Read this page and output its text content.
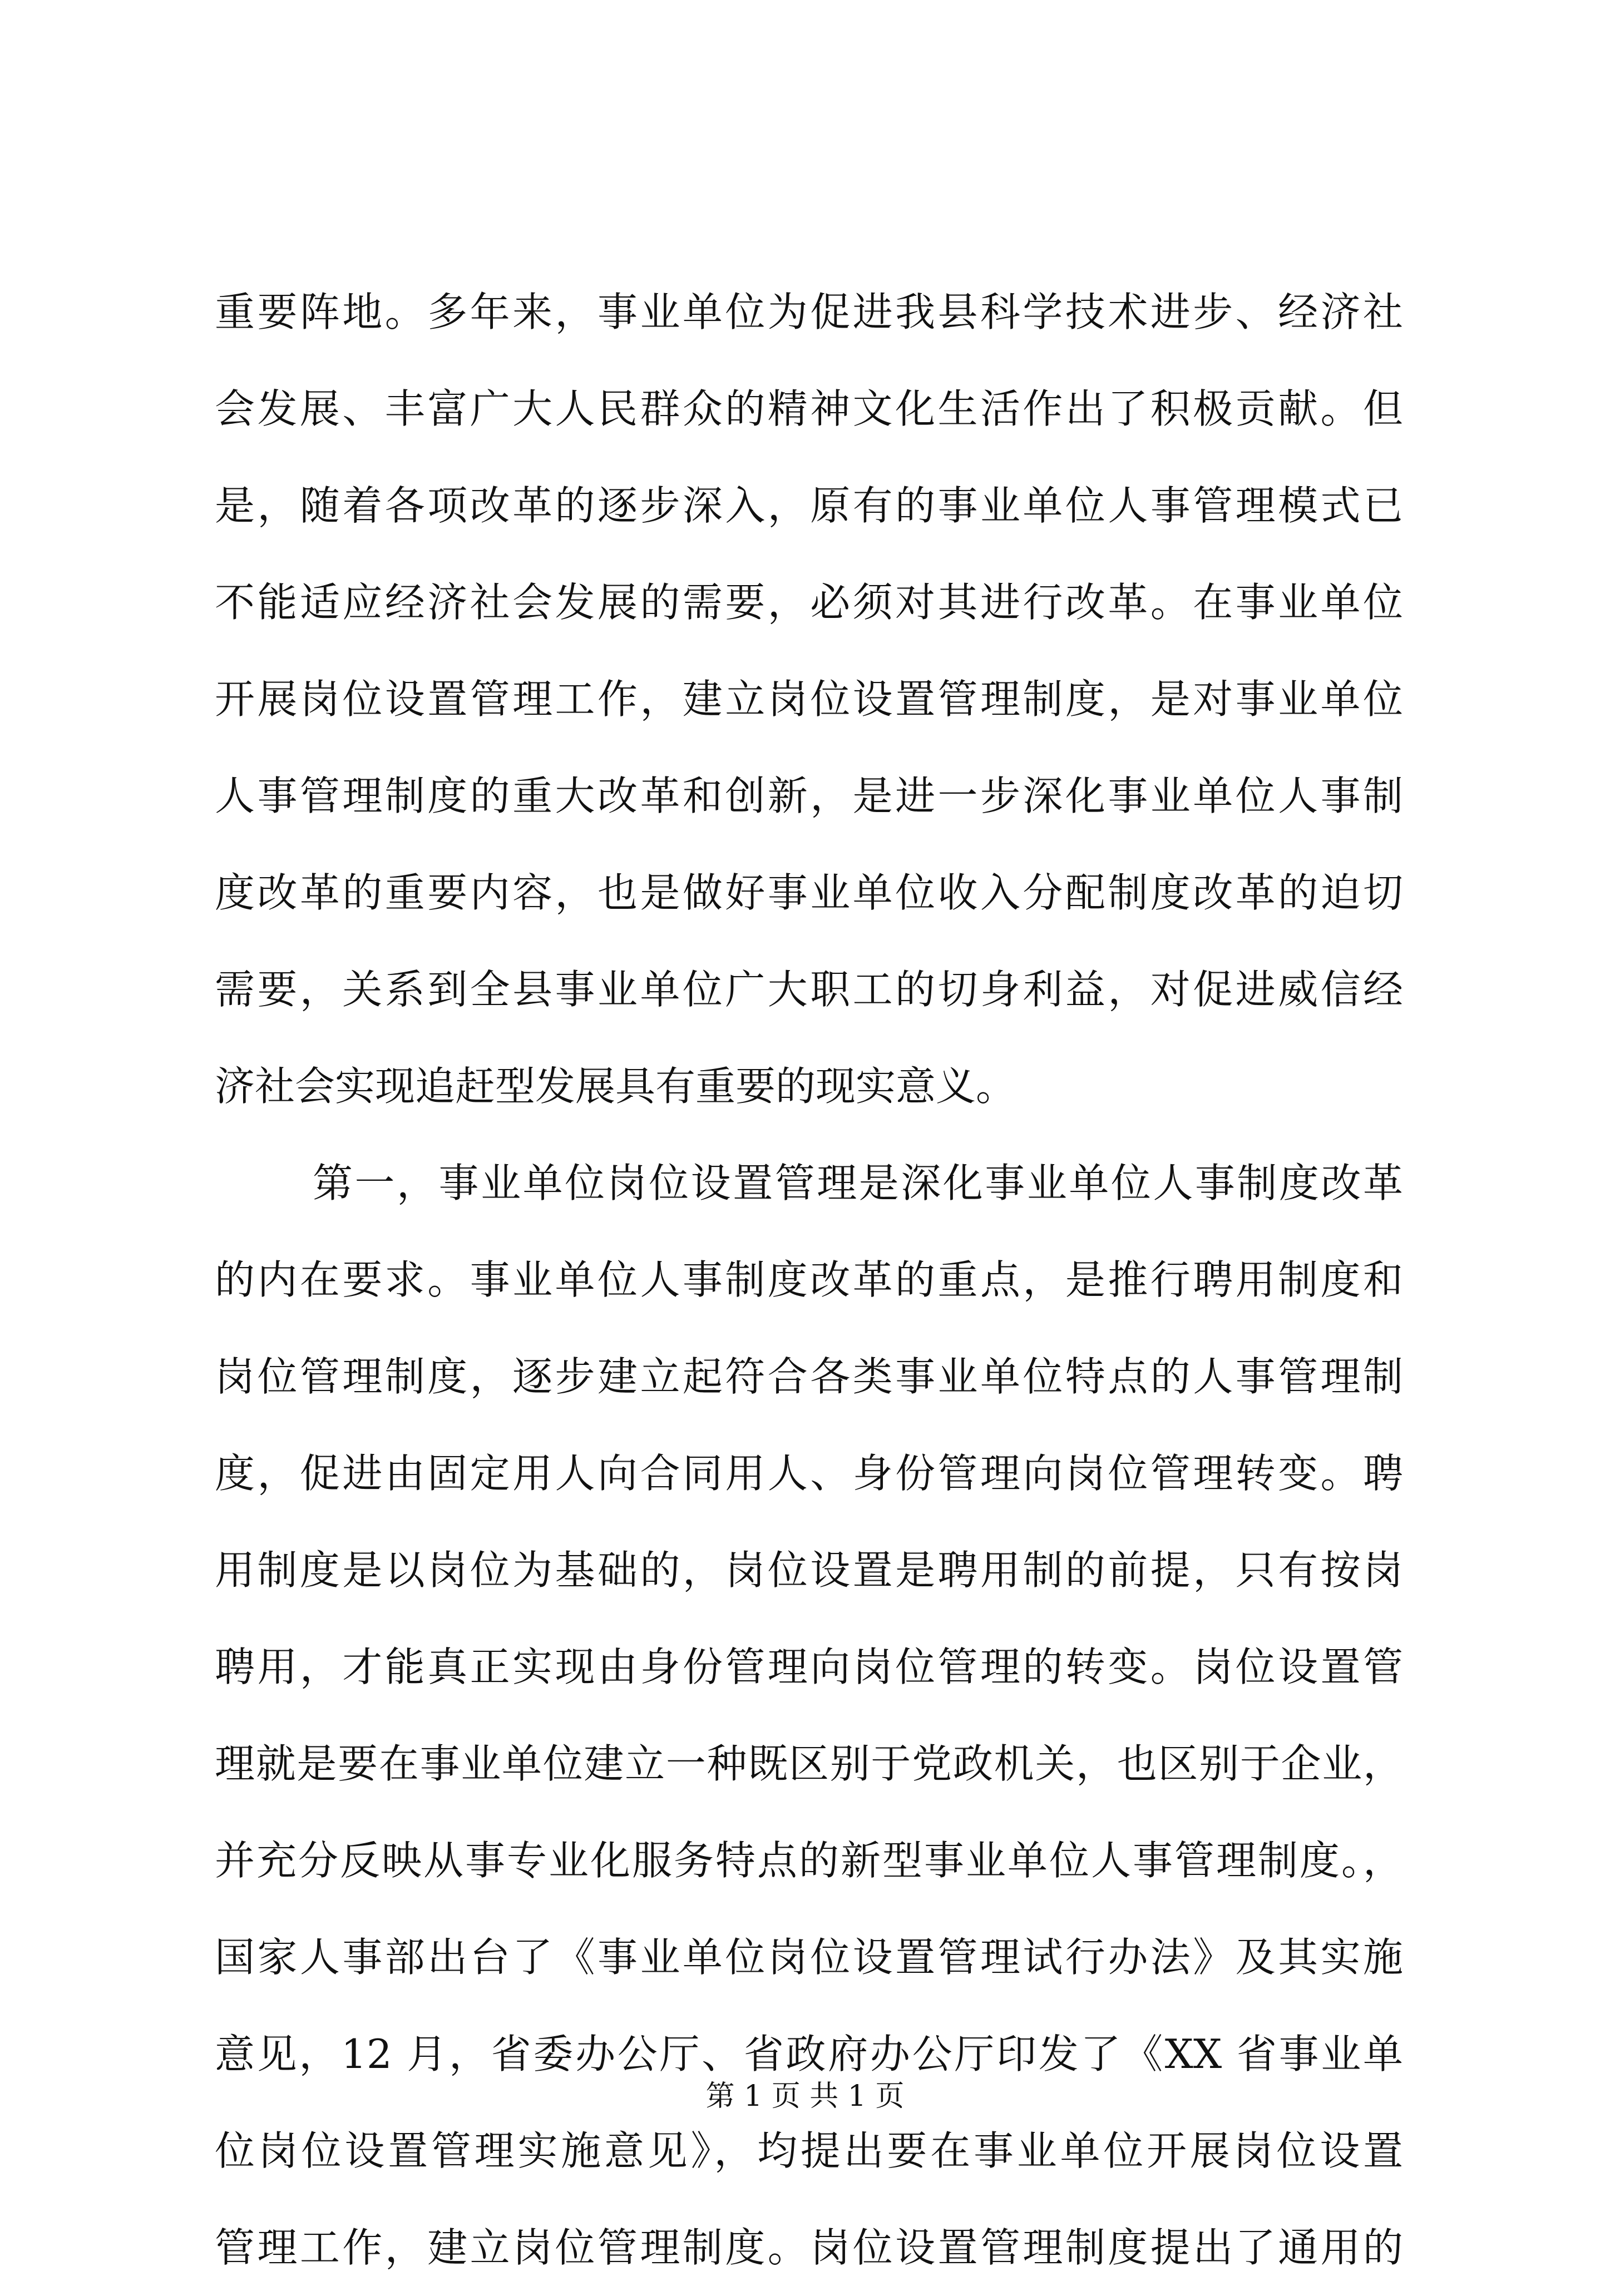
重要阵地。多年来，事业单位为促进我县科学技术进步、经济社
会发展、丰富广大人民群众的精神文化生活作出了积极贡献。但
是，随着各项改革的逐步深入，原有的事业单位人事管理模式已
不能适应经济社会发展的需要，必须对其进行改革。在事业单位
开展岗位设置管理工作，建立岗位设置管理制度，是对事业单位
人事管理制度的重大改革和创新，是进一步深化事业单位人事制
度改革的重要内容，也是做好事业单位收入分配制度改革的迫切
需要，关系到全县事业单位广大职工的切身利益，对促进威信经
济社会实现追赶型发展具有重要的现实意义。
第一，事业单位岗位设置管理是深化事业单位人事制度改革
的内在要求。事业单位人事制度改革的重点，是推行聘用制度和
岗位管理制度，逐步建立起符合各类事业单位特点的人事管理制
度，促进由固定用人向合同用人、身份管理向岗位管理转变。聘
用制度是以岗位为基础的，岗位设置是聘用制的前提，只有按岗
聘用，才能真正实现由身份管理向岗位管理的转变。岗位设置管
理就是要在事业单位建立一种既区别于党政机关，也区别于企业，
并充分反映从事专业化服务特点的新型事业单位人事管理制度。，
国家人事部出台了《事业单位岗位设置管理试行办法》及其实施
意见，12 月，省委办公厅、省政府办公厅印发了《XX 省事业单
位岗位设置管理实施意见》，均提出要在事业单位开展岗位设置
管理工作，建立岗位管理制度。岗位设置管理制度提出了通用的
第 1 页 共 1 页
